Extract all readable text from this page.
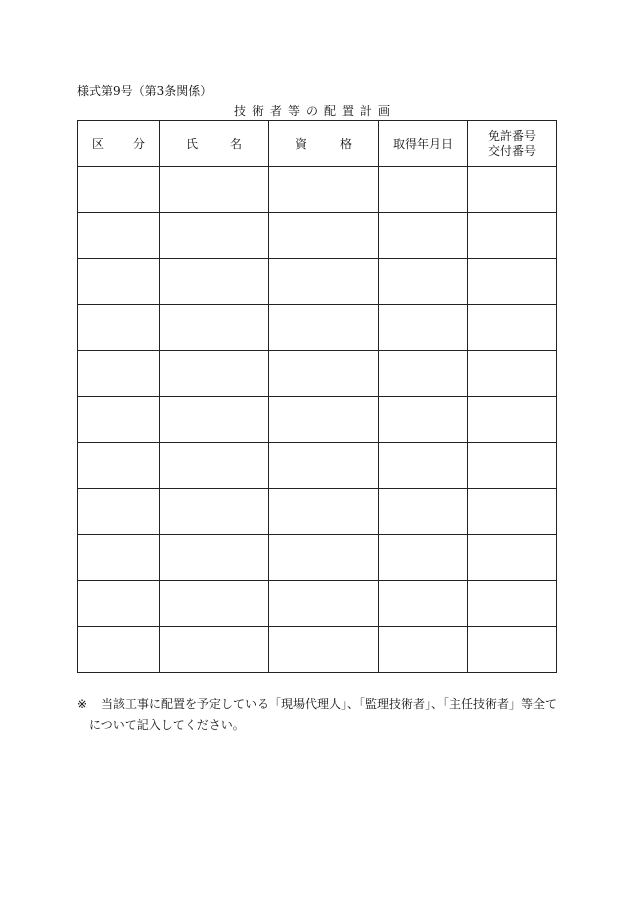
様式第9号（第3条関係）
技術者等の配置計画
区 分	氏 名	資 格	取得年月日	免許番号
交付番号

※ 当該工事に配置を予定している「現場代理人」、「監理技術者」、「主任技術者」等全て
について記入してください。
